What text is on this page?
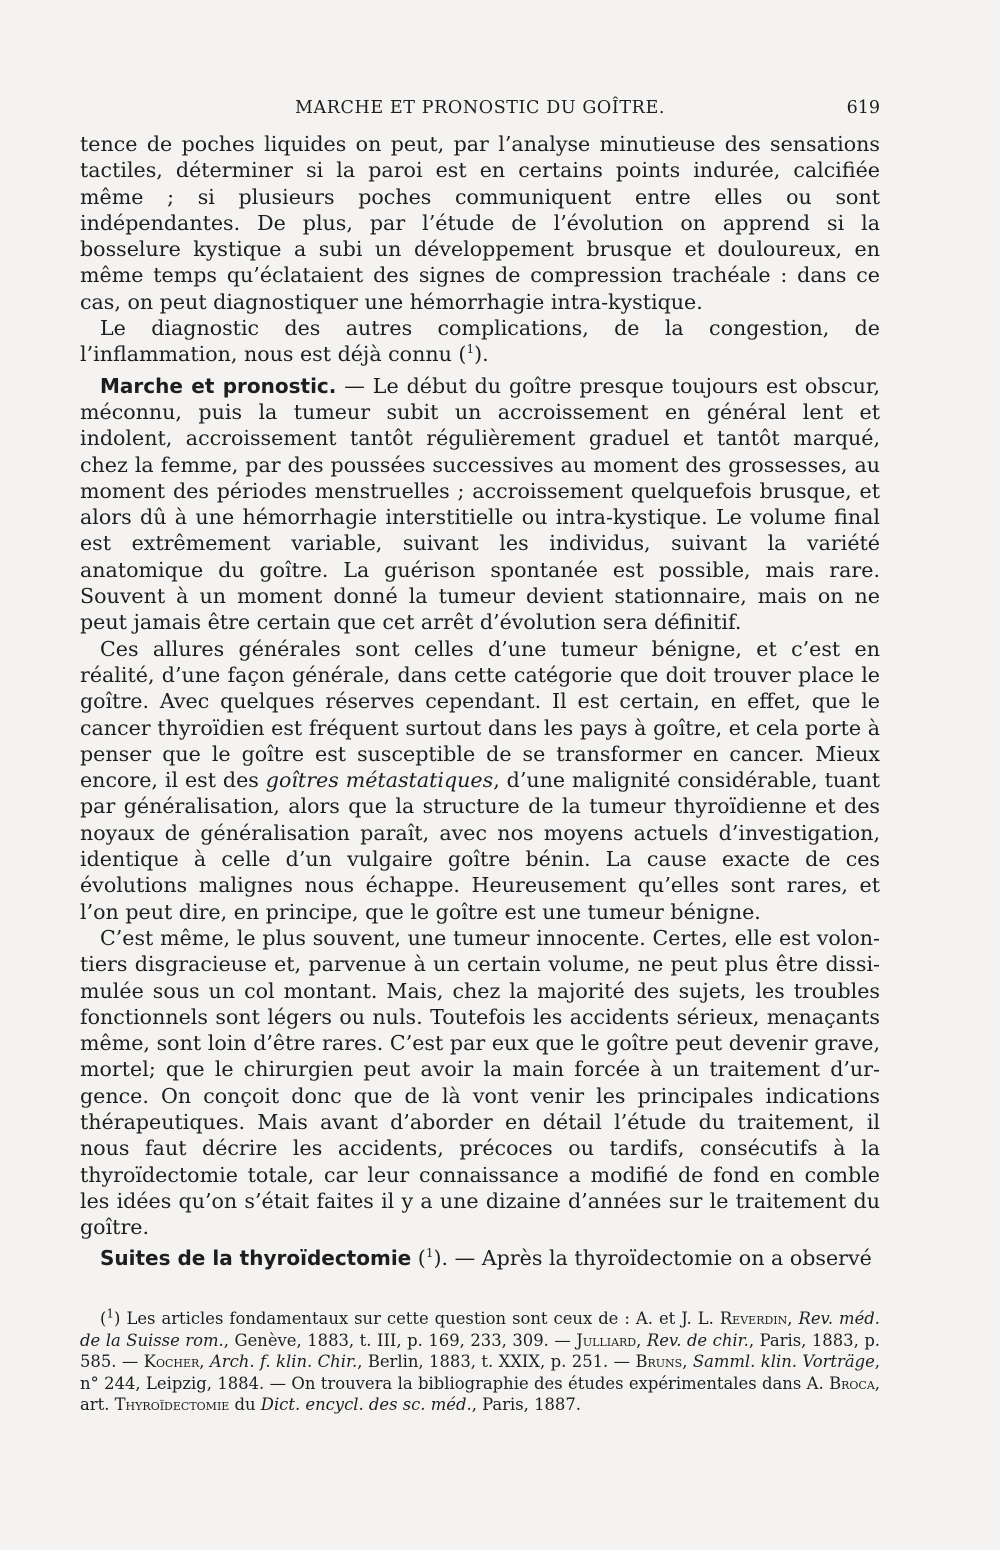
MARCHE ET PRONOSTIC DU GOÎTRE.	619

tence de poches liquides on peut, par l’analyse minutieuse des sensations tactiles, déterminer si la paroi est en certains points indurée, calcifiée même ; si plusieurs poches communiquent entre elles ou sont indépendantes. De plus, par l’étude de l’évolution on apprend si la bosselure kystique a subi un développement brusque et douloureux, en même temps qu’éclataient des signes de compression trachéale : dans ce cas, on peut diagnostiquer une hémorrhagie intra-kystique.

Le diagnostic des autres complications, de la congestion, de l’inflammation, nous est déjà connu ($^1$).

Marche et pronostic. — Le début du goître presque toujours est obscur, méconnu, puis la tumeur subit un accroissement en général lent et indolent, accroissement tantôt régulièrement graduel et tantôt marqué, chez la femme, par des poussées successives au moment des grossesses, au moment des périodes menstruelles ; accroissement quelquefois brusque, et alors dû à une hémorrhagie interstitielle ou intra-kystique. Le volume final est extrêmement variable, suivant les individus, suivant la variété anatomique du goître. La guérison spontanée est possible, mais rare. Souvent à un moment donné la tumeur devient stationnaire, mais on ne peut jamais être certain que cet arrêt d’évolution sera définitif.

Ces allures générales sont celles d’une tumeur bénigne, et c’est en réalité, d’une façon générale, dans cette catégorie que doit trouver place le goître. Avec quelques réserves cependant. Il est certain, en effet, que le cancer thyroïdien est fréquent surtout dans les pays à goître, et cela porte à penser que le goître est susceptible de se transformer en cancer. Mieux encore, il est des goîtres métastatiques, d’une malignité considérable, tuant par généralisation, alors que la structure de la tumeur thyroïdienne et des noyaux de généralisation paraît, avec nos moyens actuels d’investigation, identique à celle d’un vulgaire goître bénin. La cause exacte de ces évolutions malignes nous échappe. Heureusement qu’elles sont rares, et l’on peut dire, en principe, que le goître est une tumeur bénigne.

C’est même, le plus souvent, une tumeur innocente. Certes, elle est volontiers disgracieuse et, parvenue à un certain volume, ne peut plus être dissimulée sous un col montant. Mais, chez la majorité des sujets, les troubles fonctionnels sont légers ou nuls. Toutefois les accidents sérieux, menaçants même, sont loin d’être rares. C’est par eux que le goître peut devenir grave, mortel; que le chirurgien peut avoir la main forcée à un traitement d’urgence. On conçoit donc que de là vont venir les principales indications thérapeutiques. Mais avant d’aborder en détail l’étude du traitement, il nous faut décrire les accidents, précoces ou tardifs, consécutifs à la thyroïdectomie totale, car leur connaissance a modifié de fond en comble les idées qu’on s’était faites il y a une dizaine d’années sur le traitement du goître.

Suites de la thyroïdectomie ($^1$). — Après la thyroïdectomie on a observé

($^1$) Les articles fondamentaux sur cette question sont ceux de : A. et J. L. Reverdin, Rev. méd. de la Suisse rom., Genève, 1883, t. III, p. 169, 233, 309. — Julliard, Rev. de chir., Paris, 1883, p. 585. — Kocher, Arch. f. klin. Chir., Berlin, 1883, t. XXIX, p. 251. — Bruns, Samml. klin. Vorträge, n° 244, Leipzig, 1884. — On trouvera la bibliographie des études expérimentales dans A. Broca, art. Thyroïdectomie du Dict. encycl. des sc. méd., Paris, 1887.
